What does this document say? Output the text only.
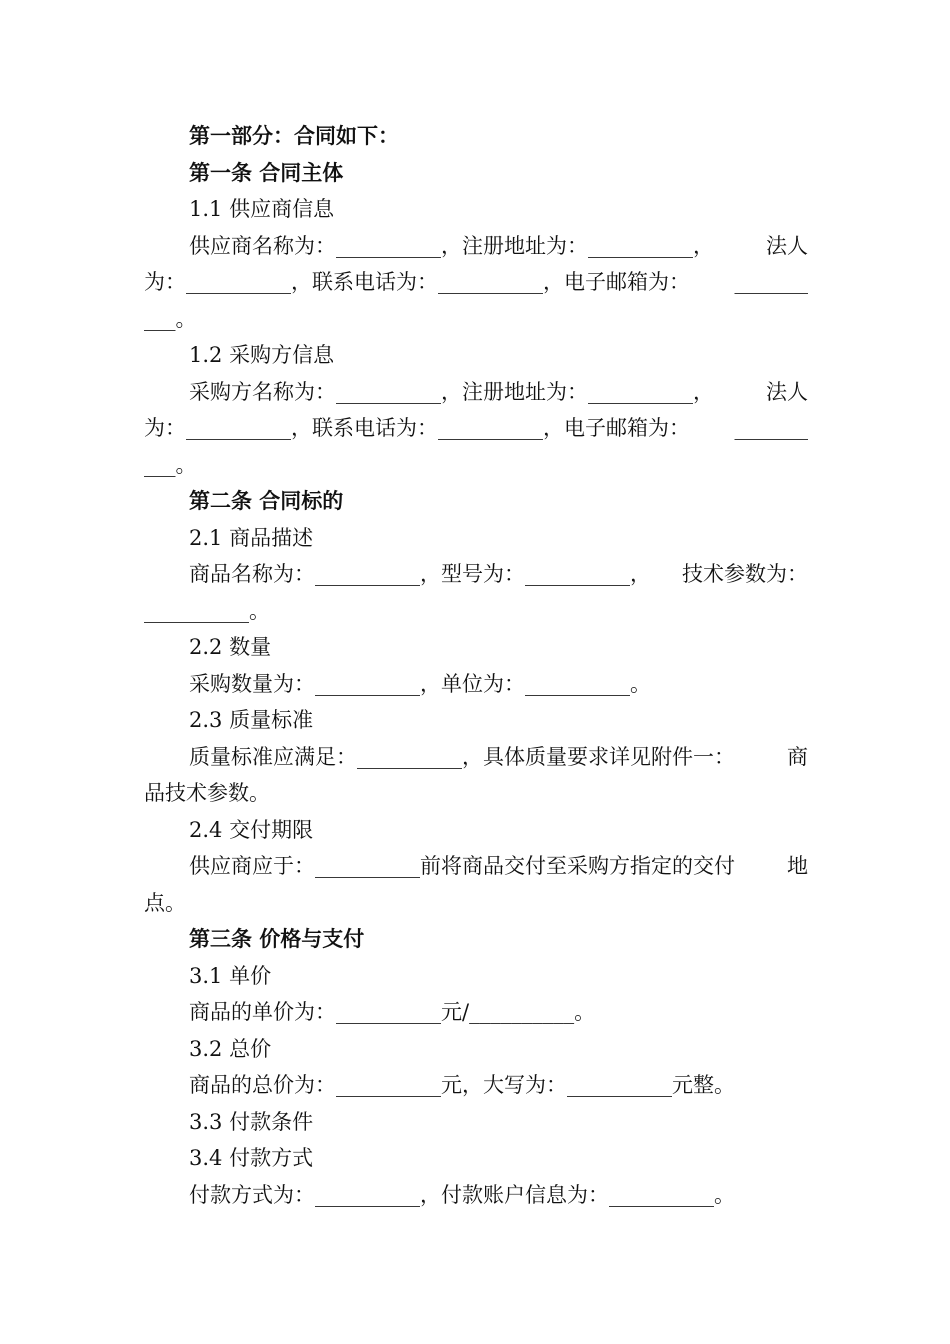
第一部分：合同如下：

第一条 合同主体

1.1 供应商信息

供应商名称为：__________，注册地址为：__________， 法人

为：__________，联系电话为：__________，电子邮箱为： _______

___。

1.2 采购方信息

采购方名称为：__________，注册地址为：__________， 法人

为：__________，联系电话为：__________，电子邮箱为： _______

___。

第二条 合同标的

2.1 商品描述

商品名称为：__________，型号为：__________， 技术参数为：

__________。

2.2 数量

采购数量为：__________，单位为：__________。

2.3 质量标准

质量标准应满足：__________，具体质量要求详见附件一： 商

品技术参数。

2.4 交付期限

供应商应于：__________前将商品交付至采购方指定的交付 地

点。

第三条 价格与支付

3.1 单价

商品的单价为：__________元/__________。

3.2 总价

商品的总价为：__________元，大写为：__________元整。

3.3 付款条件

3.4 付款方式

付款方式为：__________，付款账户信息为：__________。
